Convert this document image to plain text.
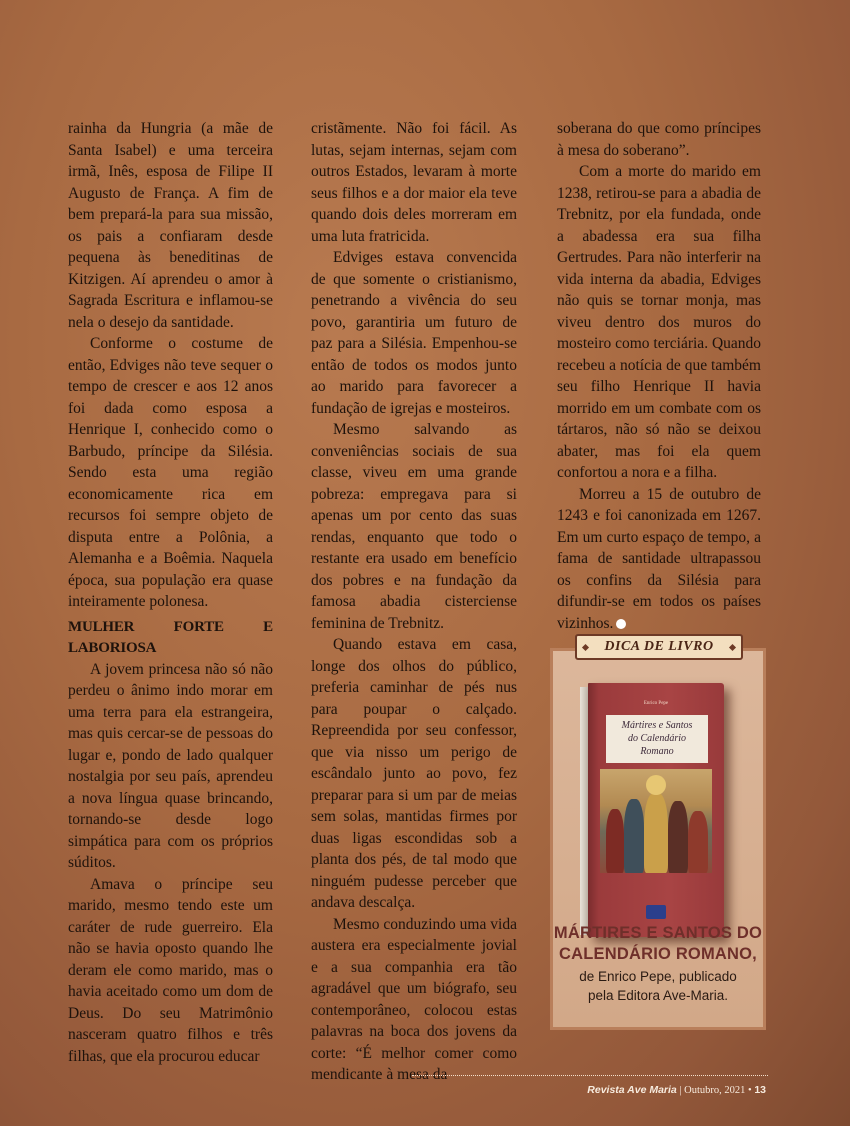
rainha da Hungria (a mãe de Santa Isabel) e uma terceira irmã, Inês, esposa de Filipe II Augusto de França. A fim de bem prepará-la para sua missão, os pais a confiaram desde pequena às beneditinas de Kitzigen. Aí aprendeu o amor à Sagrada Escritura e inflamou-se nela o desejo da santidade.

Conforme o costume de então, Edviges não teve sequer o tempo de crescer e aos 12 anos foi dada como esposa a Henrique I, conhecido como o Barbudo, príncipe da Silésia. Sendo esta uma região economicamente rica em recursos foi sempre objeto de disputa entre a Polônia, a Alemanha e a Boêmia. Naquela época, sua população era quase inteiramente polonesa.

MULHER FORTE E LABORIOSA

A jovem princesa não só não perdeu o ânimo indo morar em uma terra para ela estrangeira, mas quis cercar-se de pessoas do lugar e, pondo de lado qualquer nostalgia por seu país, aprendeu a nova língua quase brincando, tornando-se desde logo simpática para com os próprios súditos.

Amava o príncipe seu marido, mesmo tendo este um caráter de rude guerreiro. Ela não se havia oposto quando lhe deram ele como marido, mas o havia aceitado como um dom de Deus. Do seu Matrimônio nasceram quatro filhos e três filhas, que ela procurou educar

cristãmente. Não foi fácil. As lutas, sejam internas, sejam com outros Estados, levaram à morte seus filhos e a dor maior ela teve quando dois deles morreram em uma luta fratricida.

Edviges estava convencida de que somente o cristianismo, penetrando a vivência do seu povo, garantiria um futuro de paz para a Silésia. Empenhou-se então de todos os modos junto ao marido para favorecer a fundação de igrejas e mosteiros.

Mesmo salvando as conveniências sociais de sua classe, viveu em uma grande pobreza: empregava para si apenas um por cento das suas rendas, enquanto que todo o restante era usado em benefício dos pobres e na fundação da famosa abadia cisterciense feminina de Trebnitz.

Quando estava em casa, longe dos olhos do público, preferia caminhar de pés nus para poupar o calçado. Repreendida por seu confessor, que via nisso um perigo de escândalo junto ao povo, fez preparar para si um par de meias sem solas, mantidas firmes por duas ligas escondidas sob a planta dos pés, de tal modo que ninguém pudesse perceber que andava descalça.

Mesmo conduzindo uma vida austera era especialmente jovial e a sua companhia era tão agradável que um biógrafo, seu contemporâneo, colocou estas palavras na boca dos jovens da corte: “É melhor comer como mendicante à mesa da

soberana do que como príncipes à mesa do soberano”.

Com a morte do marido em 1238, retirou-se para a abadia de Trebnitz, por ela fundada, onde a abadessa era sua filha Gertrudes. Para não interferir na vida interna da abadia, Edviges não quis se tornar monja, mas viveu dentro dos muros do mosteiro como terciária. Quando recebeu a notícia de que também seu filho Henrique II havia morrido em um combate com os tártaros, não só não se deixou abater, mas foi ela quem confortou a nora e a filha.

Morreu a 15 de outubro de 1243 e foi canonizada em 1267. Em um curto espaço de tempo, a fama de santidade ultrapassou os confins da Silésia para difundir-se em todos os países vizinhos.

Enrico Pepe
Mártires e Santos
do Calendário
Romano
MÁRTIRES E SANTOS DO
CALENDÁRIO ROMANO,
de Enrico Pepe, publicado
pela Editora Ave-Maria.
DICA DE LIVRO
Revista Ave Maria | Outubro, 2021 • 13
